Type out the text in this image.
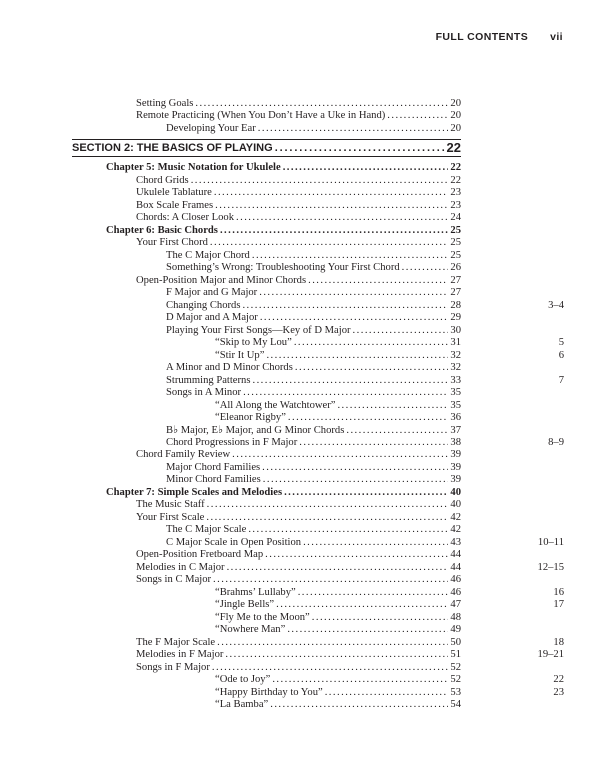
FULL CONTENTS vii
Setting Goals . . .	20
Remote Practicing (When You Don’t Have a Uke in Hand) . . .	20
Developing Your Ear . . .	20
SECTION 2: THE BASICS OF PLAYING . . .	22
Chapter 5: Music Notation for Ukulele . . .	22
Chord Grids . . .	22
Ukulele Tablature . . .	23
Box Scale Frames . . .	23
Chords: A Closer Look . . .	24
Chapter 6: Basic Chords . . .	25
Your First Chord . . .	25
The C Major Chord . . .	25
Something’s Wrong: Troubleshooting Your First Chord . . .	26
Open-Position Major and Minor Chords . . .	27
F Major and G Major . . .	27
Changing Chords . . .	28	3–4
D Major and A Major . . .	29
Playing Your First Songs—Key of D Major . . .	30
“Skip to My Lou” . . .	31	5
“Stir It Up” . . .	32	6
A Minor and D Minor Chords . . .	32
Strumming Patterns . . .	33	7
Songs in A Minor . . .	35
“All Along the Watchtower” . . .	35
“Eleanor Rigby” . . .	36
B♭ Major, E♭ Major, and G Minor Chords . . .	37
Chord Progressions in F Major . . .	38	8–9
Chord Family Review . . .	39
Major Chord Families . . .	39
Minor Chord Families . . .	39
Chapter 7: Simple Scales and Melodies . . .	40
The Music Staff . . .	40
Your First Scale . . .	42
The C Major Scale . . .	42
C Major Scale in Open Position . . .	43	10–11
Open-Position Fretboard Map . . .	44
Melodies in C Major . . .	44	12–15
Songs in C Major . . .	46
“Brahms’ Lullaby” . . .	46	16
“Jingle Bells” . . .	47	17
“Fly Me to the Moon” . . .	48
“Nowhere Man” . . .	49
The F Major Scale . . .	50	18
Melodies in F Major . . .	51	19–21
Songs in F Major . . .	52
“Ode to Joy” . . .	52	22
“Happy Birthday to You” . . .	53	23
“La Bamba” . . .	54
